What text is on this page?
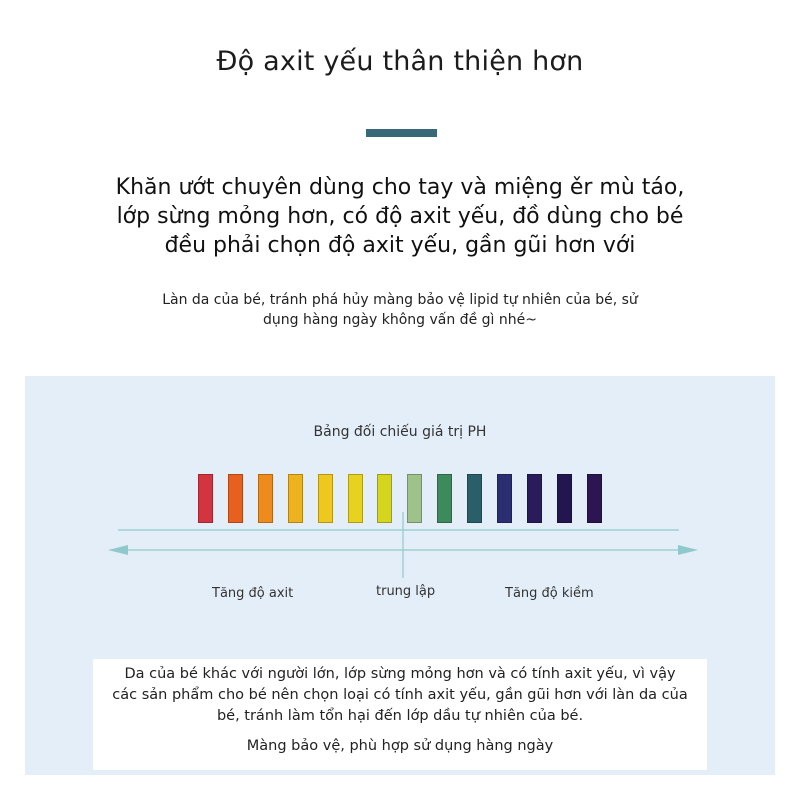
Độ axit yếu thân thiện hơn
Khăn ướt chuyên dùng cho tay và miệng ěr mù táo,
lớp sừng mỏng hơn, có độ axit yếu, đồ dùng cho bé
đều phải chọn độ axit yếu, gần gũi hơn với
Làn da của bé, tránh phá hủy màng bảo vệ lipid tự nhiên của bé, sử
dụng hàng ngày không vấn đề gì nhé~
Bảng đối chiếu giá trị PH
Tăng độ axit	trung lập	Tăng độ kiềm
Da của bé khác với người lớn, lớp sừng mỏng hơn và có tính axit yếu, vì vậy
các sản phẩm cho bé nên chọn loại có tính axit yếu, gần gũi hơn với làn da của
bé, tránh làm tổn hại đến lớp dầu tự nhiên của bé.
Màng bảo vệ, phù hợp sử dụng hàng ngày
